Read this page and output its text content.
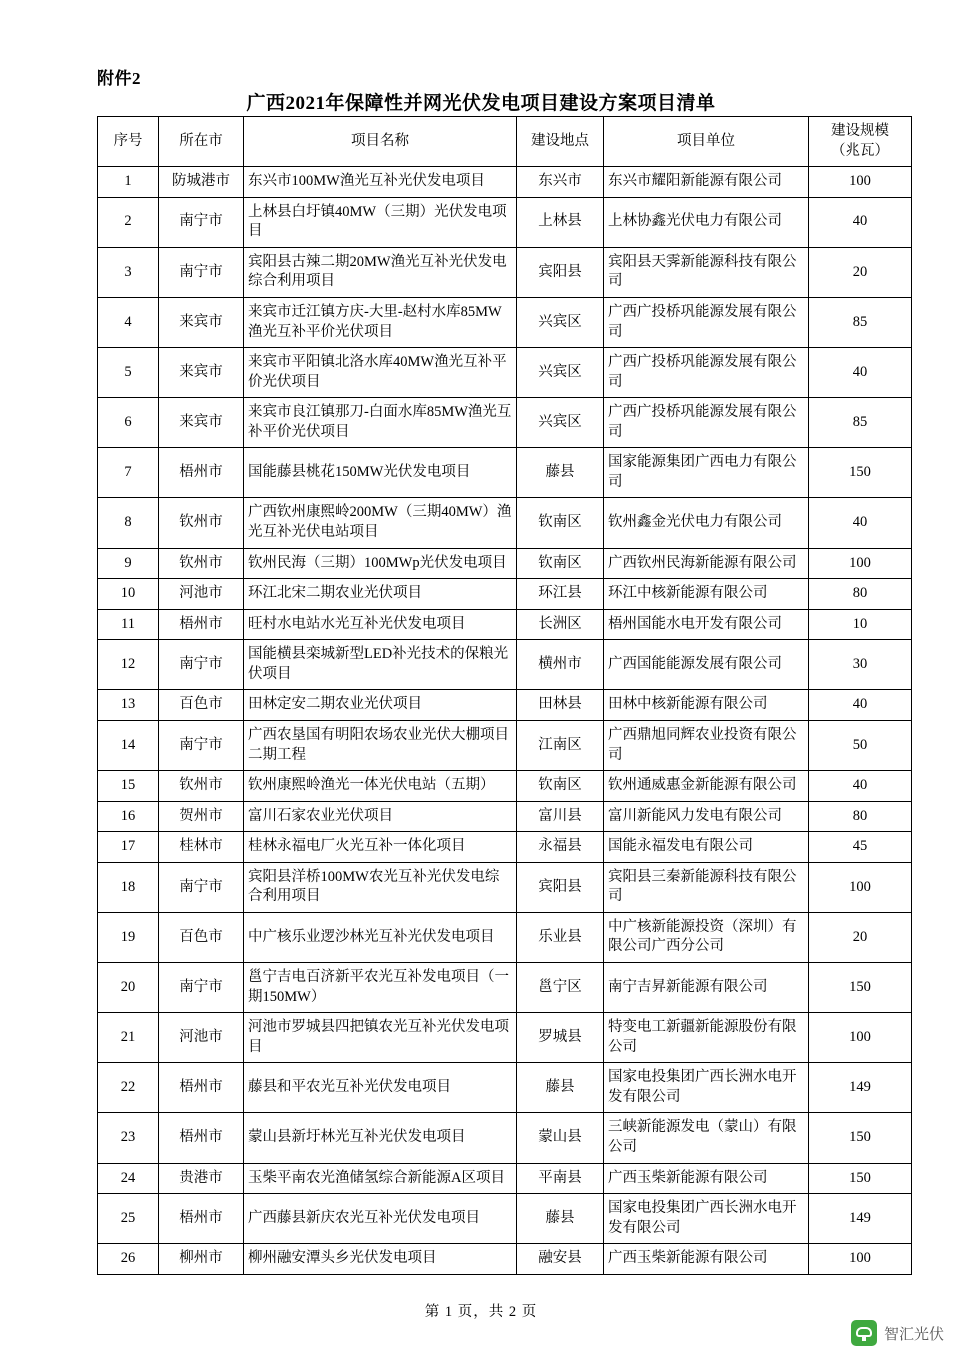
附件2
广西2021年保障性并网光伏发电项目建设方案项目清单
序号	所在市	项目名称	建设地点	项目单位	建设规模
（兆瓦）

1	防城港市	东兴市100MW渔光互补光伏发电项目	东兴市	东兴市耀阳新能源有限公司	100
2	南宁市	上林县白圩镇40MW（三期）光伏发电项目	上林县	上林协鑫光伏电力有限公司	40
3	南宁市	宾阳县古辣二期20MW渔光互补光伏发电综合利用项目	宾阳县	宾阳县天霁新能源科技有限公司	20
4	来宾市	来宾市迁江镇方庆-大里-赵村水库85MW渔光互补平价光伏项目	兴宾区	广西广投桥巩能源发展有限公司	85
5	来宾市	来宾市平阳镇北洛水库40MW渔光互补平价光伏项目	兴宾区	广西广投桥巩能源发展有限公司	40
6	来宾市	来宾市良江镇那刀-白面水库85MW渔光互补平价光伏项目	兴宾区	广西广投桥巩能源发展有限公司	85
7	梧州市	国能藤县桃花150MW光伏发电项目	藤县	国家能源集团广西电力有限公司	150
8	钦州市	广西钦州康熙岭200MW（三期40MW）渔光互补光伏电站项目	钦南区	钦州鑫金光伏电力有限公司	40
9	钦州市	钦州民海（三期）100MWp光伏发电项目	钦南区	广西钦州民海新能源有限公司	100
10	河池市	环江北宋二期农业光伏项目	环江县	环江中核新能源有限公司	80
11	梧州市	旺村水电站水光互补光伏发电项目	长洲区	梧州国能水电开发有限公司	10
12	南宁市	国能横县栾城新型LED补光技术的保粮光伏项目	横州市	广西国能能源发展有限公司	30
13	百色市	田林定安二期农业光伏项目	田林县	田林中核新能源有限公司	40
14	南宁市	广西农垦国有明阳农场农业光伏大棚项目二期工程	江南区	广西鼎旭同辉农业投资有限公司	50
15	钦州市	钦州康熙岭渔光一体光伏电站（五期）	钦南区	钦州通威惠金新能源有限公司	40
16	贺州市	富川石家农业光伏项目	富川县	富川新能风力发电有限公司	80
17	桂林市	桂林永福电厂火光互补一体化项目	永福县	国能永福发电有限公司	45
18	南宁市	宾阳县洋桥100MW农光互补光伏发电综合利用项目	宾阳县	宾阳县三秦新能源科技有限公司	100
19	百色市	中广核乐业逻沙林光互补光伏发电项目	乐业县	中广核新能源投资（深圳）有限公司广西分公司	20
20	南宁市	邕宁吉电百济新平农光互补发电项目（一期150MW）	邕宁区	南宁吉昇新能源有限公司	150
21	河池市	河池市罗城县四把镇农光互补光伏发电项目	罗城县	特变电工新疆新能源股份有限公司	100
22	梧州市	藤县和平农光互补光伏发电项目	藤县	国家电投集团广西长洲水电开发有限公司	149
23	梧州市	蒙山县新圩林光互补光伏发电项目	蒙山县	三峡新能源发电（蒙山）有限公司	150
24	贵港市	玉柴平南农光渔储氢综合新能源A区项目	平南县	广西玉柴新能源有限公司	150
25	梧州市	广西藤县新庆农光互补光伏发电项目	藤县	国家电投集团广西长洲水电开发有限公司	149
26	柳州市	柳州融安潭头乡光伏发电项目	融安县	广西玉柴新能源有限公司	100
第 1 页，共 2 页
智汇光伏
